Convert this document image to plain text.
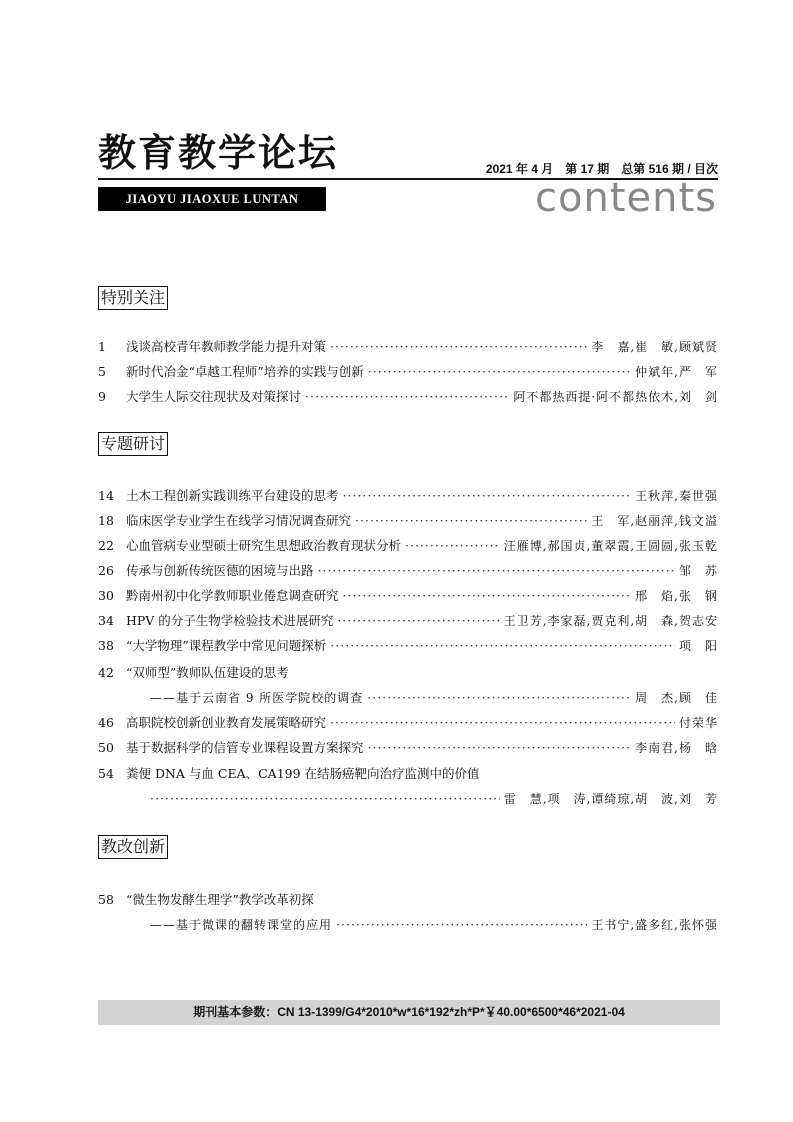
教育教学论坛	2021 年 4 月　第 17 期　总第 516 期 / 目次
JIAOYU JIAOXUE LUNTAN	contents
特别关注
1	浅谈高校青年教师教学能力提升对策 ·····	李　嘉,崔　敏,顾斌贤
5	新时代冶金“卓越工程师”培养的实践与创新 ·····	仲斌年,严　军
9	大学生人际交往现状及对策探讨 ·····	阿不都热西提·阿不都热依木,刘　剑
专题研讨
14 土木工程创新实践训练平台建设的思考 ·····	王秋萍,秦世强
18 临床医学专业学生在线学习情况调查研究 ·····	王　军,赵丽萍,钱文溢
22 心血管病专业型硕士研究生思想政治教育现状分析 ·····	汪雁博,郝国贞,董翠霞,王圆圆,张玉乾
26 传承与创新传统医德的困境与出路 ·····	邹　苏
30 黔南州初中化学教师职业倦怠调查研究 ·····	邢　焰,张　钢
34 HPV 的分子生物学检验技术进展研究 ·····	王卫芳,李家磊,贾克利,胡　森,贺志安
38 “大学物理”课程教学中常见问题探析 ·····	项　阳
42 “双师型”教师队伍建设的思考
——基于云南省 9 所医学院校的调查 ·····	周　杰,顾　佳
46 高职院校创新创业教育发展策略研究 ·····	付荣华
50 基于数据科学的信管专业课程设置方案探究 ·····	李南君,杨　晗
54 粪便 DNA 与血 CEA、CA199 在结肠癌靶向治疗监测中的价值
·····
雷　慧,项　涛,谭绮琼,胡　波,刘　芳
教改创新
58 “微生物发酵生理学”教学改革初探
——基于微课的翻转课堂的应用 ·····	王书宁,盛多红,张怀强
期刊基本参数：CN 13-1399/G4*2010*w*16*192*zh*P*￥40.00*6500*46*2021-04
